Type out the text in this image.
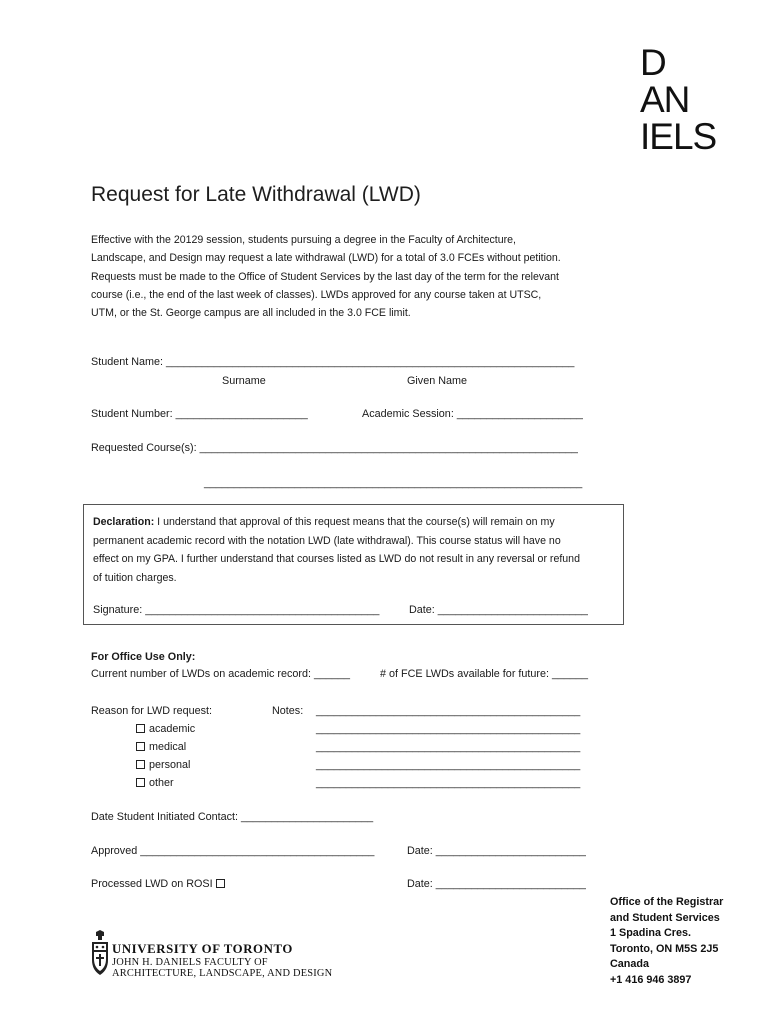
D
AN
IELS
Request for Late Withdrawal (LWD)
Effective with the 20129 session, students pursuing a degree in the Faculty of Architecture,
Landscape, and Design may request a late withdrawal (LWD) for a total of 3.0 FCEs without petition.
Requests must be made to the Office of Student Services by the last day of the term for the relevant
course (i.e., the end of the last week of classes). LWDs approved for any course taken at UTSC,
UTM, or the St. George campus are all included in the 3.0 FCE limit.
Student Name: ____________________________________________________________________
Surname	Given Name
Student Number: ______________________	Academic Session: _____________________
Requested Course(s): _______________________________________________________________
_______________________________________________________________
Declaration: I understand that approval of this request means that the course(s) will remain on my
permanent academic record with the notation LWD (late withdrawal). This course status will have no
effect on my GPA. I further understand that courses listed as LWD do not result in any reversal or refund
of tuition charges.
Signature: _______________________________________	Date: _________________________
For Office Use Only:
Current number of LWDs on academic record: ______	# of FCE LWDs available for future: ______
Reason for LWD request:
academic
medical
personal
other
Notes: ____________________________________________
____________________________________________
____________________________________________
____________________________________________
____________________________________________
Date Student Initiated Contact: ______________________
Approved _______________________________________	Date: _________________________
Processed LWD on ROSI	Date: _________________________
Office of the Registrar
and Student Services
1 Spadina Cres.
Toronto, ON M5S 2J5
Canada
+1 416 946 3897
UNIVERSITY OF TORONTO
JOHN H. DANIELS FACULTY OF
ARCHITECTURE, LANDSCAPE, AND DESIGN
